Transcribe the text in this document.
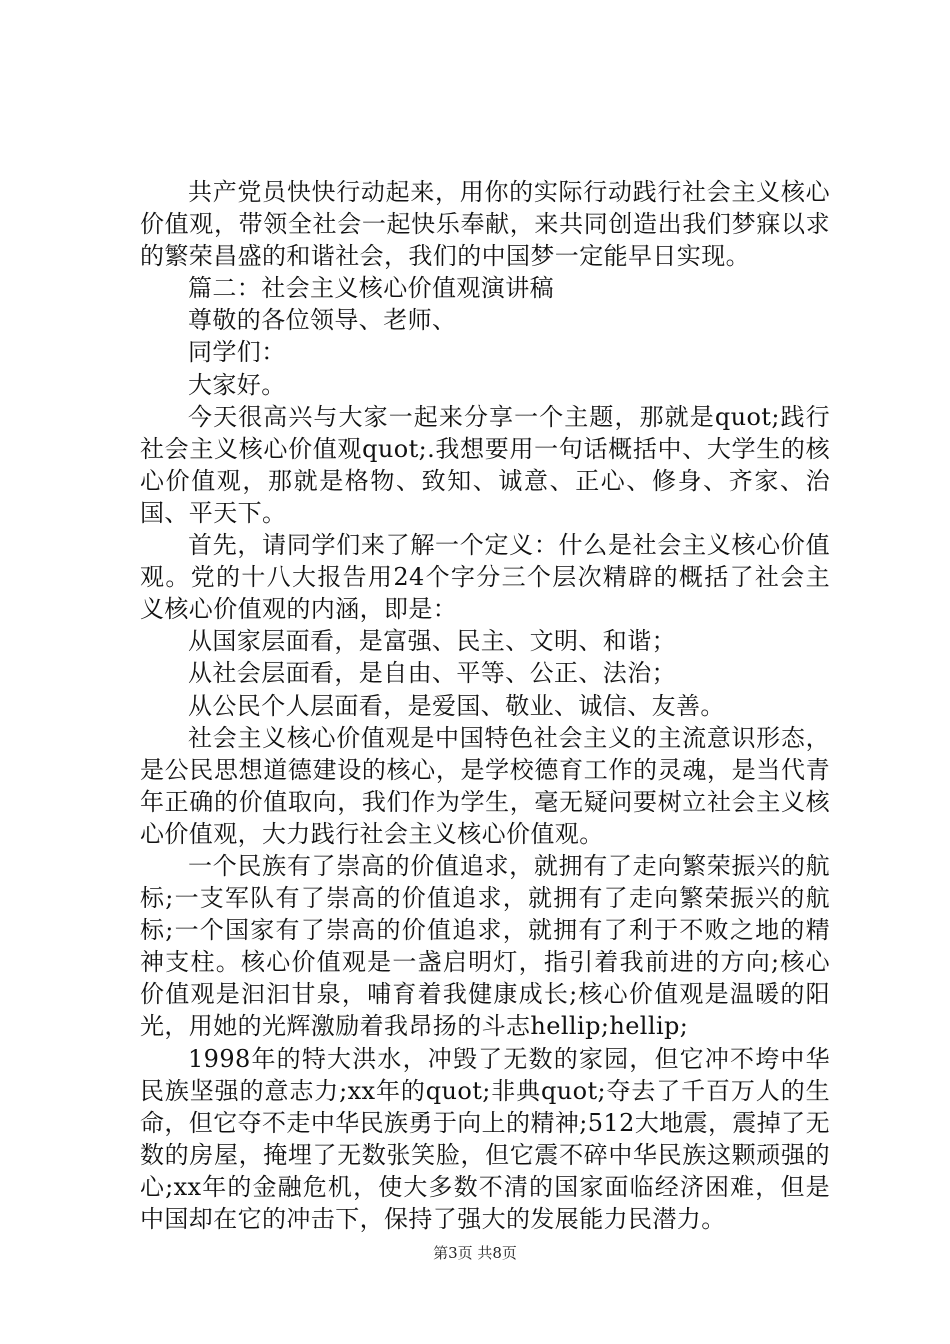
共产党员快快行动起来，用你的实际行动践行社会主义核心价值观，带领全社会一起快乐奉献，来共同创造出我们梦寐以求的繁荣昌盛的和谐社会，我们的中国梦一定能早日实现。

篇二：社会主义核心价值观演讲稿

尊敬的各位领导、老师、

同学们：

大家好。

今天很高兴与大家一起来分享一个主题，那就是quot;践行社会主义核心价值观quot;.我想要用一句话概括中、大学生的核心价值观，那就是格物、致知、诚意、正心、修身、齐家、治国、平天下。

首先，请同学们来了解一个定义：什么是社会主义核心价值观。党的十八大报告用24个字分三个层次精辟的概括了社会主义核心价值观的内涵，即是：

从国家层面看，是富强、民主、文明、和谐；

从社会层面看，是自由、平等、公正、法治；

从公民个人层面看，是爱国、敬业、诚信、友善。

社会主义核心价值观是中国特色社会主义的主流意识形态，是公民思想道德建设的核心，是学校德育工作的灵魂，是当代青年正确的价值取向，我们作为学生，毫无疑问要树立社会主义核心价值观，大力践行社会主义核心价值观。

一个民族有了崇高的价值追求，就拥有了走向繁荣振兴的航标;一支军队有了崇高的价值追求，就拥有了走向繁荣振兴的航标;一个国家有了崇高的价值追求，就拥有了利于不败之地的精神支柱。核心价值观是一盏启明灯，指引着我前进的方向;核心价值观是汩汩甘泉，哺育着我健康成长;核心价值观是温暖的阳光，用她的光辉激励着我昂扬的斗志hellip;hellip;

1998年的特大洪水，冲毁了无数的家园，但它冲不垮中华民族坚强的意志力;xx年的quot;非典quot;夺去了千百万人的生命，但它夺不走中华民族勇于向上的精神;512大地震，震掉了无数的房屋，掩埋了无数张笑脸，但它震不碎中华民族这颗顽强的心;xx年的金融危机，使大多数不清的国家面临经济困难，但是中国却在它的冲击下，保持了强大的发展能力民潜力。

第3页 共8页
